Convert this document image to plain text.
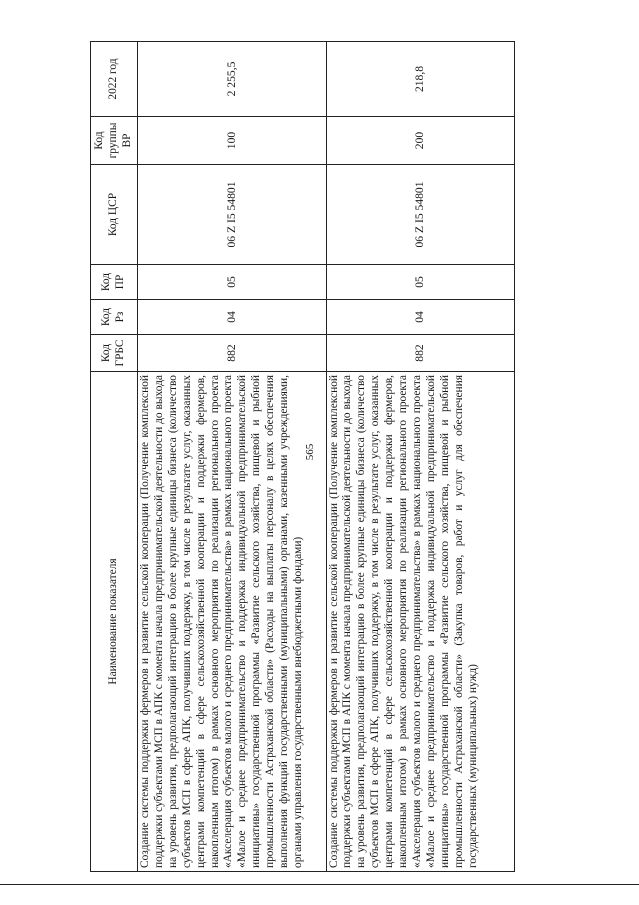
565
Наименование показателя	Код ГРБС	Код Рз	Код ПР	Код ЦСР	Код группы ВР	2022 год
Создание системы поддержки фермеров и развитие сельской кооперации (Получение комплексной поддержки субъектами МСП в АПК с момента начала предпринимательской деятельности до выхода на уровень развития, предполагающий интеграцию в более крупные единицы бизнеса (количество субъектов МСП в сфере АПК, получивших поддержку, в том числе в результате услуг, оказанных центрами компетенций в сфере сельскохозяйственной кооперации и поддержки фермеров, накопленным итогом) в рамках основного мероприятия по реализации регионального проекта «Акселерация субъектов малого и среднего предпринимательства» в рамках национального проекта «Малое и среднее предпринимательство и поддержка индивидуальной предпринимательской инициативы» государственной программы «Развитие сельского хозяйства, пищевой и рыбной промышленности Астраханской области» (Расходы на выплаты персоналу в целях обеспечения выполнения функций государственными (муниципальными) органами, казенными учреждениями, органами управления государственными внебюджетными фондами)	882	04	05	06 Z I5 54801	100	2 255,5
Создание системы поддержки фермеров и развитие сельской кооперации (Получение комплексной поддержки субъектами МСП в АПК с момента начала предпринимательской деятельности до выхода на уровень развития, предполагающий интеграцию в более крупные единицы бизнеса (количество субъектов МСП в сфере АПК, получивших поддержку, в том числе в результате услуг, оказанных центрами компетенций в сфере сельскохозяйственной кооперации и поддержки фермеров, накопленным итогом) в рамках основного мероприятия по реализации регионального проекта «Акселерация субъектов малого и среднего предпринимательства» в рамках национального проекта «Малое и среднее предпринимательство и поддержка индивидуальной предпринимательской инициативы» государственной программы «Развитие сельского хозяйства, пищевой и рыбной промышленности Астраханской области» (Закупка товаров, работ и услуг для обеспечения государственных (муниципальных) нужд)	882	04	05	06 Z I5 54801	200	218,8
